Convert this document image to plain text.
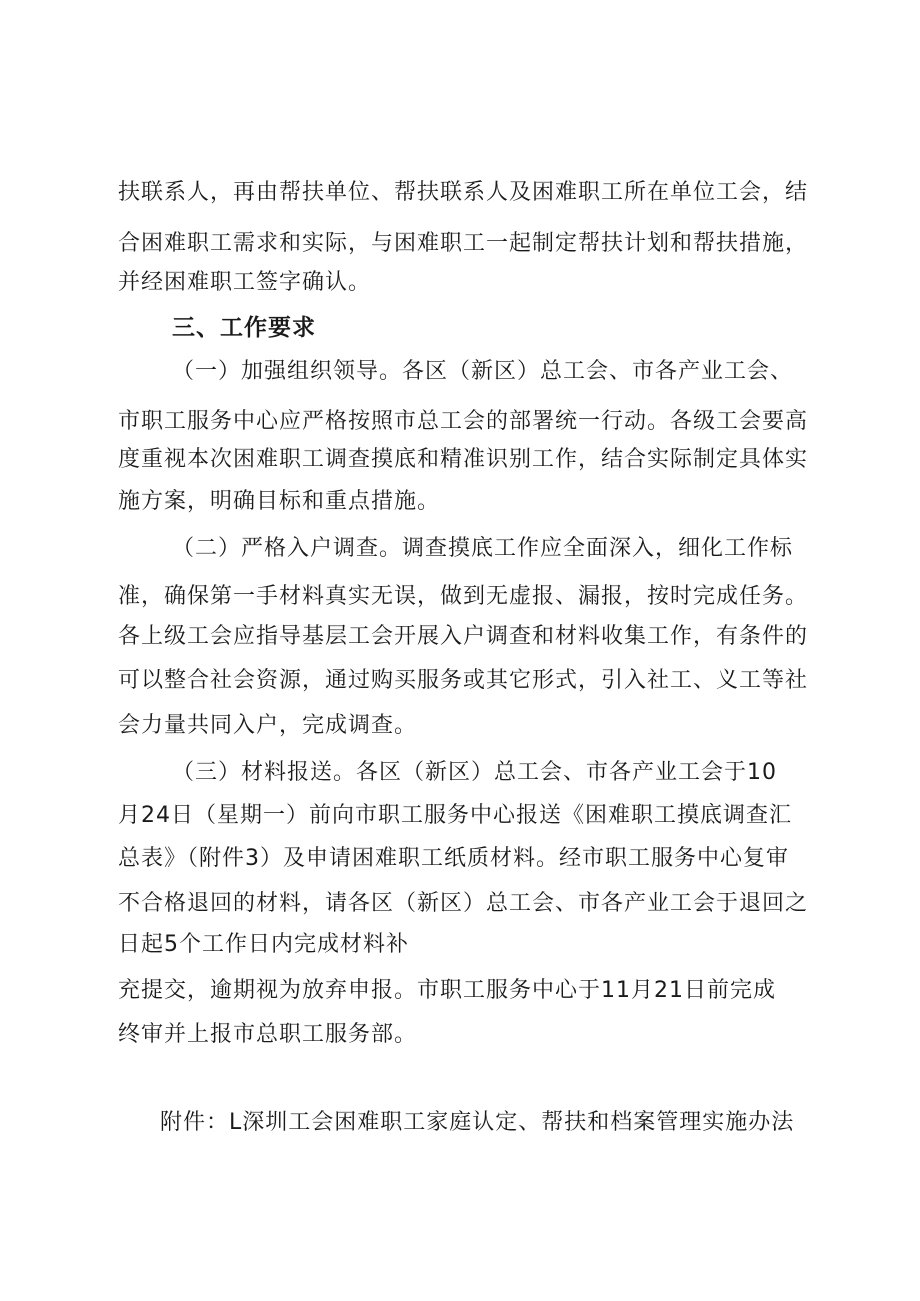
扶联系人，再由帮扶单位、帮扶联系人及困难职工所在单位工会，结

合困难职工需求和实际，与困难职工一起制定帮扶计划和帮扶措施，

并经困难职工签字确认。

三、工作要求

（一）加强组织领导。各区（新区）总工会、市各产业工会、

市职工服务中心应严格按照市总工会的部署统一行动。各级工会要高

度重视本次困难职工调查摸底和精准识别工作，结合实际制定具体实

施方案，明确目标和重点措施。

（二）严格入户调查。调查摸底工作应全面深入，细化工作标

准，确保第一手材料真实无误，做到无虚报、漏报，按时完成任务。

各上级工会应指导基层工会开展入户调查和材料收集工作，有条件的

可以整合社会资源，通过购买服务或其它形式，引入社工、义工等社

会力量共同入户，完成调查。

（三）材料报送。各区（新区）总工会、市各产业工会于10

月24日（星期一）前向市职工服务中心报送《困难职工摸底调查汇

总表》（附件3）及申请困难职工纸质材料。经市职工服务中心复审

不合格退回的材料，请各区（新区）总工会、市各产业工会于退回之

日起5个工作日内完成材料补

充提交，逾期视为放弃申报。市职工服务中心于11月21日前完成

终审并上报市总职工服务部。

附件：L深圳工会困难职工家庭认定、帮扶和档案管理实施办法
